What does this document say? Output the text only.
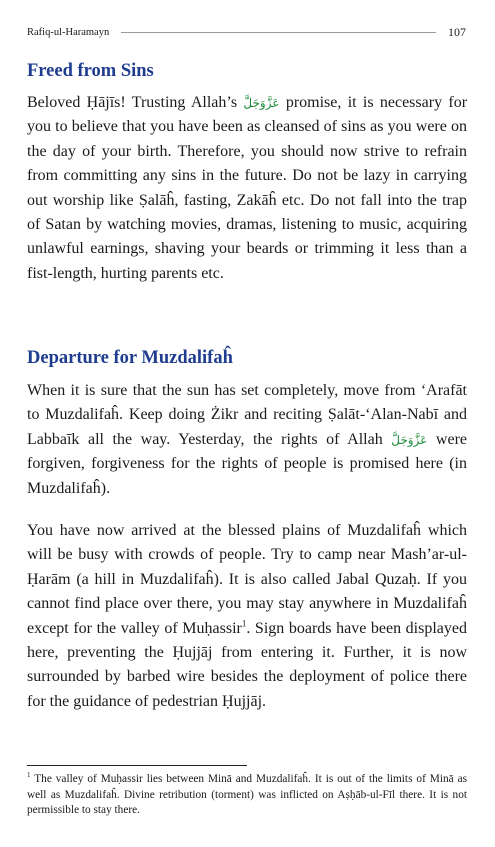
Rafiq-ul-Haramayn	107
Freed from Sins

Beloved Ḥājīs! Trusting Allah’s عَزَّوَجَلَّ promise, it is necessary for you to believe that you have been as cleansed of sins as you were on the day of your birth. Therefore, you should now strive to refrain from committing any sins in the future. Do not be lazy in carrying out worship like Ṣalāĥ, fasting, Zakāĥ etc. Do not fall into the trap of Satan by watching movies, dramas, listening to music, acquiring unlawful earnings, shaving your beards or trimming it less than a fist-length, hurting parents etc.

Departure for Muzdalifaĥ

When it is sure that the sun has set completely, move from ‘Arafāt to Muzdalifaĥ. Keep doing Żikr and reciting Ṣalāt-‘Alan-Nabī and Labbaīk all the way. Yesterday, the rights of Allah عَزَّوَجَلَّ were forgiven, forgiveness for the rights of people is promised here (in Muzdalifaĥ).

You have now arrived at the blessed plains of Muzdalifaĥ which will be busy with crowds of people. Try to camp near Mash’ar-ul-Ḥarām (a hill in Muzdalifaĥ). It is also called Jabal Quzaḥ. If you cannot find place over there, you may stay anywhere in Muzdalifaĥ except for the valley of Muḥassir$^1$. Sign boards have been displayed here, preventing the Ḥujjāj from entering it. Further, it is now surrounded by barbed wire besides the deployment of police there for the guidance of pedestrian Ḥujjāj.

$^1$ The valley of Muḥassir lies between Minā and Muzdalifaĥ. It is out of the limits of Minā as well as Muzdalifaĥ. Divine retribution (torment) was inflicted on Aṣḥāb-ul-Fīl there. It is not permissible to stay there.
